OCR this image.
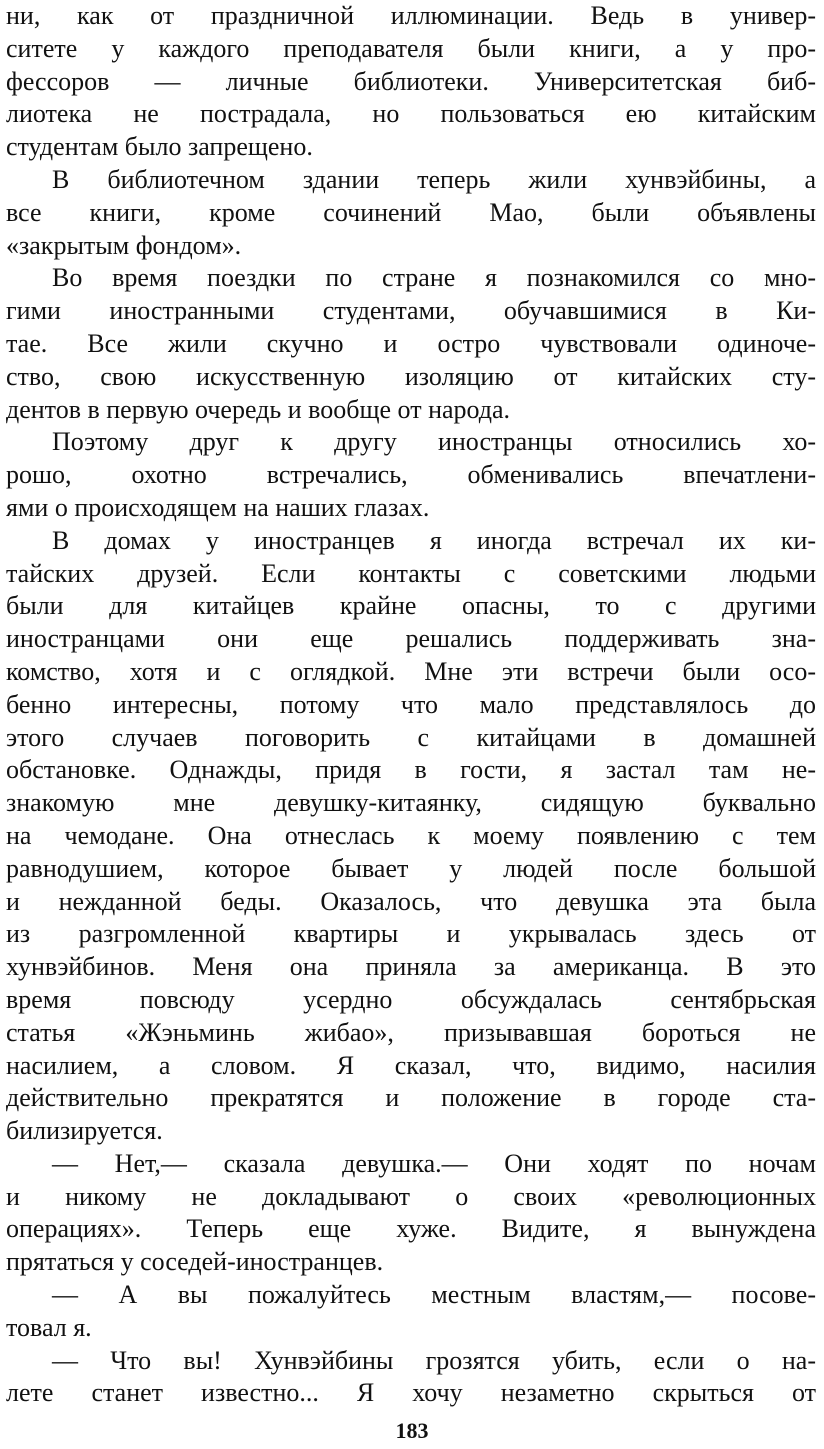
ни, как от праздничной иллюминации. Ведь в универ-
ситете у каждого преподавателя были книги, а у про-
фессоров — личные библиотеки. Университетская биб-
лиотека не пострадала, но пользоваться ею китайским
студентам было запрещено.
В библиотечном здании теперь жили хунвэйбины, а
все книги, кроме сочинений Мао, были объявлены
«закрытым фондом».
Во время поездки по стране я познакомился со мно-
гими иностранными студентами, обучавшимися в Ки-
тае. Все жили скучно и остро чувствовали одиноче-
ство, свою искусственную изоляцию от китайских сту-
дентов в первую очередь и вообще от народа.
Поэтому друг к другу иностранцы относились хо-
рошо, охотно встречались, обменивались впечатлени-
ями о происходящем на наших глазах.
В домах у иностранцев я иногда встречал их ки-
тайских друзей. Если контакты с советскими людьми
были для китайцев крайне опасны, то с другими
иностранцами они еще решались поддерживать зна-
комство, хотя и с оглядкой. Мне эти встречи были осо-
бенно интересны, потому что мало представлялось до
этого случаев поговорить с китайцами в домашней
обстановке. Однажды, придя в гости, я застал там не-
знакомую мне девушку-китаянку, сидящую буквально
на чемодане. Она отнеслась к моему появлению с тем
равнодушием, которое бывает у людей после большой
и нежданной беды. Оказалось, что девушка эта была
из разгромленной квартиры и укрывалась здесь от
хунвэйбинов. Меня она приняла за американца. В это
время повсюду усердно обсуждалась сентябрьская
статья «Жэньминь жибао», призывавшая бороться не
насилием, а словом. Я сказал, что, видимо, насилия
действительно прекратятся и положение в городе ста-
билизируется.
— Нет,— сказала девушка.— Они ходят по ночам
и никому не докладывают о своих «революционных
операциях». Теперь еще хуже. Видите, я вынуждена
прятаться у соседей-иностранцев.
— А вы пожалуйтесь местным властям,— посове-
товал я.
— Что вы! Хунвэйбины грозятся убить, если о на-
лете станет известно... Я хочу незаметно скрыться от
183
